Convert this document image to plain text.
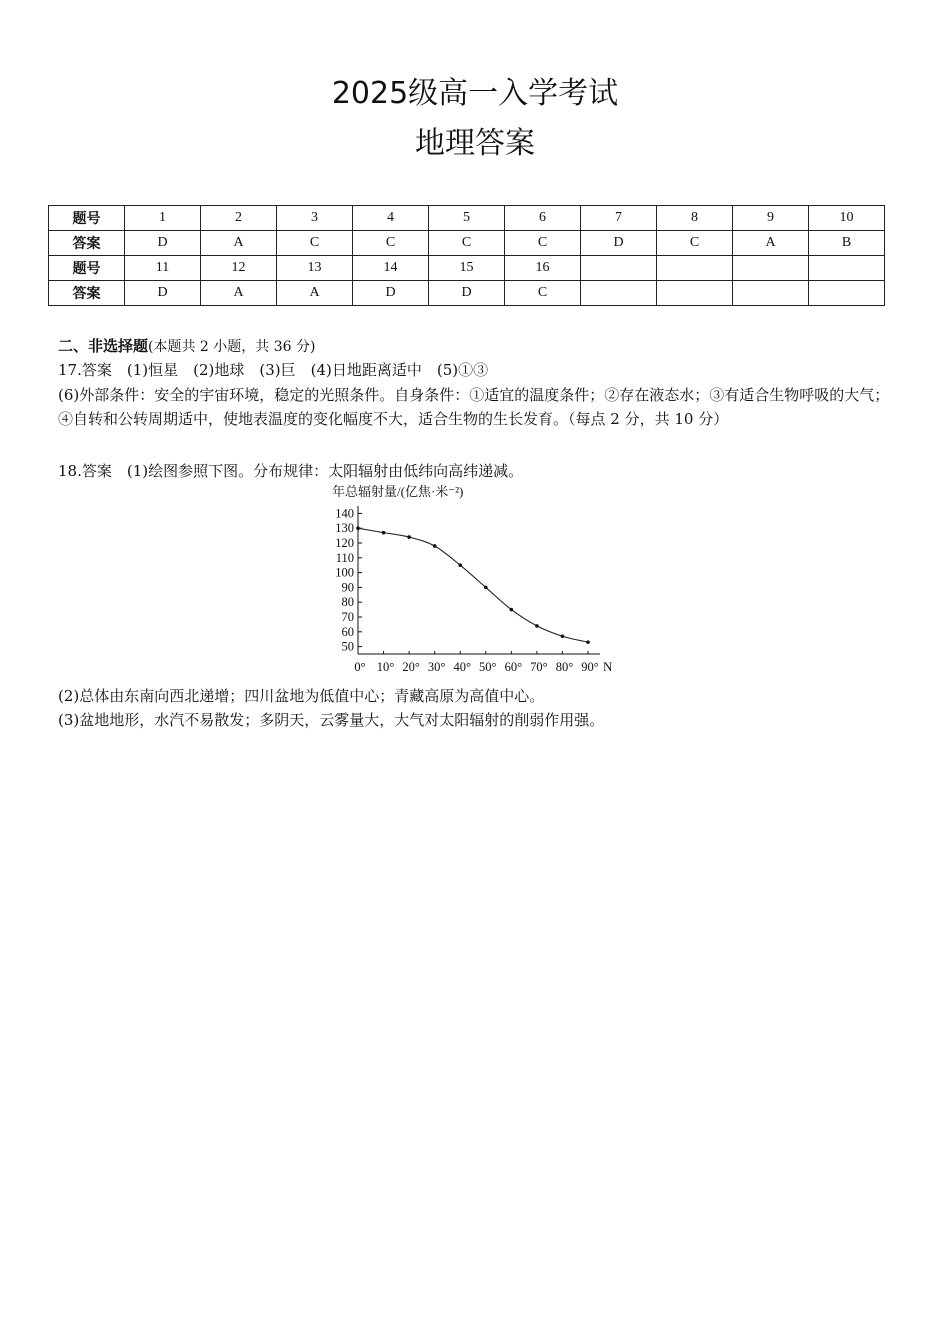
2025级高一入学考试
地理答案
题号	1	2	3	4	5	6	7	8	9	10
答案	D	A	C	C	C	C	D	C	A	B
题号	11	12	13	14	15	16				
答案	D	A	A	D	D	C				
二、非选择题(本题共 2 小题，共 36 分)
17.答案　 (1)恒星　(2)地球　(3)巨　(4)日地距离适中　(5)①③
(6)外部条件：安全的宇宙环境，稳定的光照条件。自身条件：①适宜的温度条件；②存在液态水；③有适合生物呼吸的大气；④自转和公转周期适中，使地表温度的变化幅度不大，适合生物的生长发育。（每点 2 分，共 10 分）
18.答案　 (1)绘图参照下图。分布规律：太阳辐射由低纬向高纬递减。
年总辐射量/(亿焦·米⁻²)
50
60
70
80
90
100
110
120
130
140
0° 10° 20° 30° 40° 50° 60° 70° 80° 90° N
(2)总体由东南向西北递增；四川盆地为低值中心；青藏高原为高值中心。
(3)盆地地形，水汽不易散发；多阴天，云雾量大，大气对太阳辐射的削弱作用强。
